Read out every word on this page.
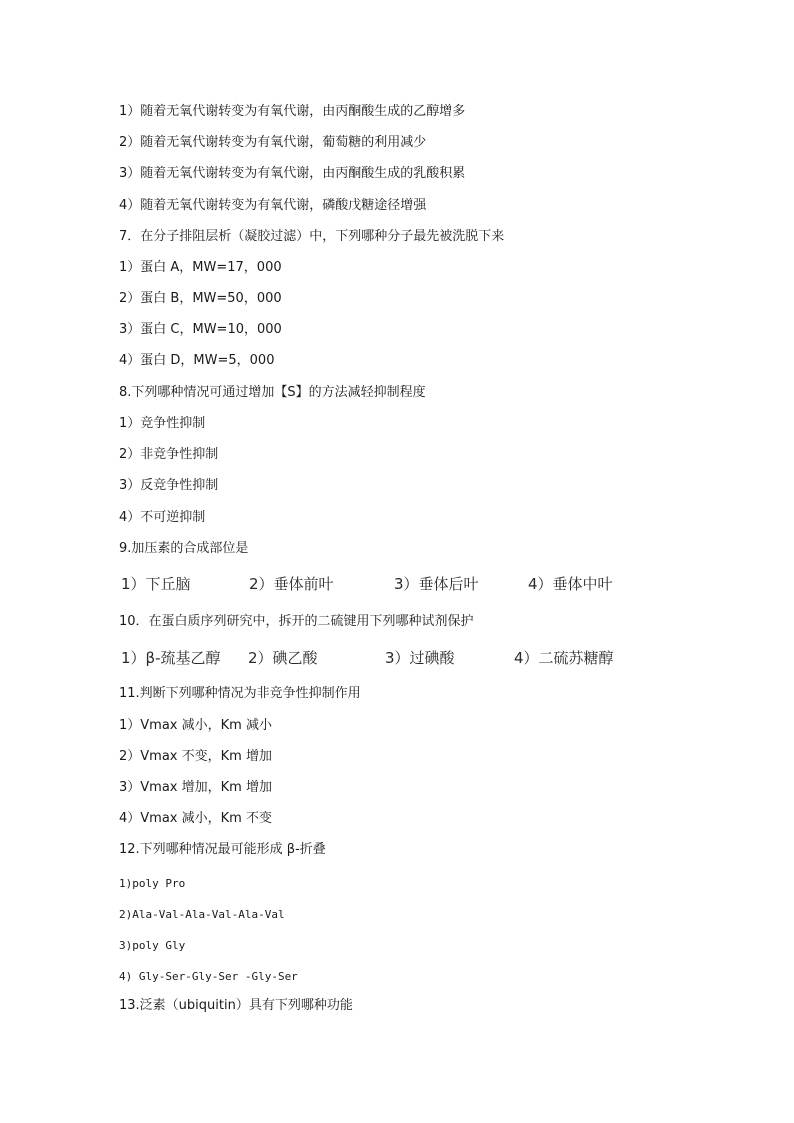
1）随着无氧代谢转变为有氧代谢，由丙酮酸生成的乙醇增多
2）随着无氧代谢转变为有氧代谢，葡萄糖的利用减少
3）随着无氧代谢转变为有氧代谢，由丙酮酸生成的乳酸积累
4）随着无氧代谢转变为有氧代谢，磷酸戊糖途径增强
7．在分子排阻层析（凝胶过滤）中，下列哪种分子最先被洗脱下来
1）蛋白 A，MW=17，000
2）蛋白 B，MW=50，000
3）蛋白 C，MW=10，000
4）蛋白 D，MW=5，000
8.下列哪种情况可通过增加【S】的方法减轻抑制程度
1）竞争性抑制
2）非竞争性抑制
3）反竞争性抑制
4）不可逆抑制
9.加压素的合成部位是
1）下丘脑	2）垂体前叶	3）垂体后叶	4）垂体中叶
10．在蛋白质序列研究中，拆开的二硫键用下列哪种试剂保护
1）β-巯基乙醇 2）碘乙酸	3）过碘酸	4）二硫苏糖醇
11.判断下列哪种情况为非竞争性抑制作用
1）Vmax 减小，Km 减小
2）Vmax 不变，Km 增加
3）Vmax 增加，Km 增加
4）Vmax 减小，Km 不变
12.下列哪种情况最可能形成 β-折叠
1)poly Pro
2)Ala-Val-Ala-Val-Ala-Val
3)poly Gly
4) Gly-Ser-Gly-Ser -Gly-Ser
13.泛素（ubiquitin）具有下列哪种功能
